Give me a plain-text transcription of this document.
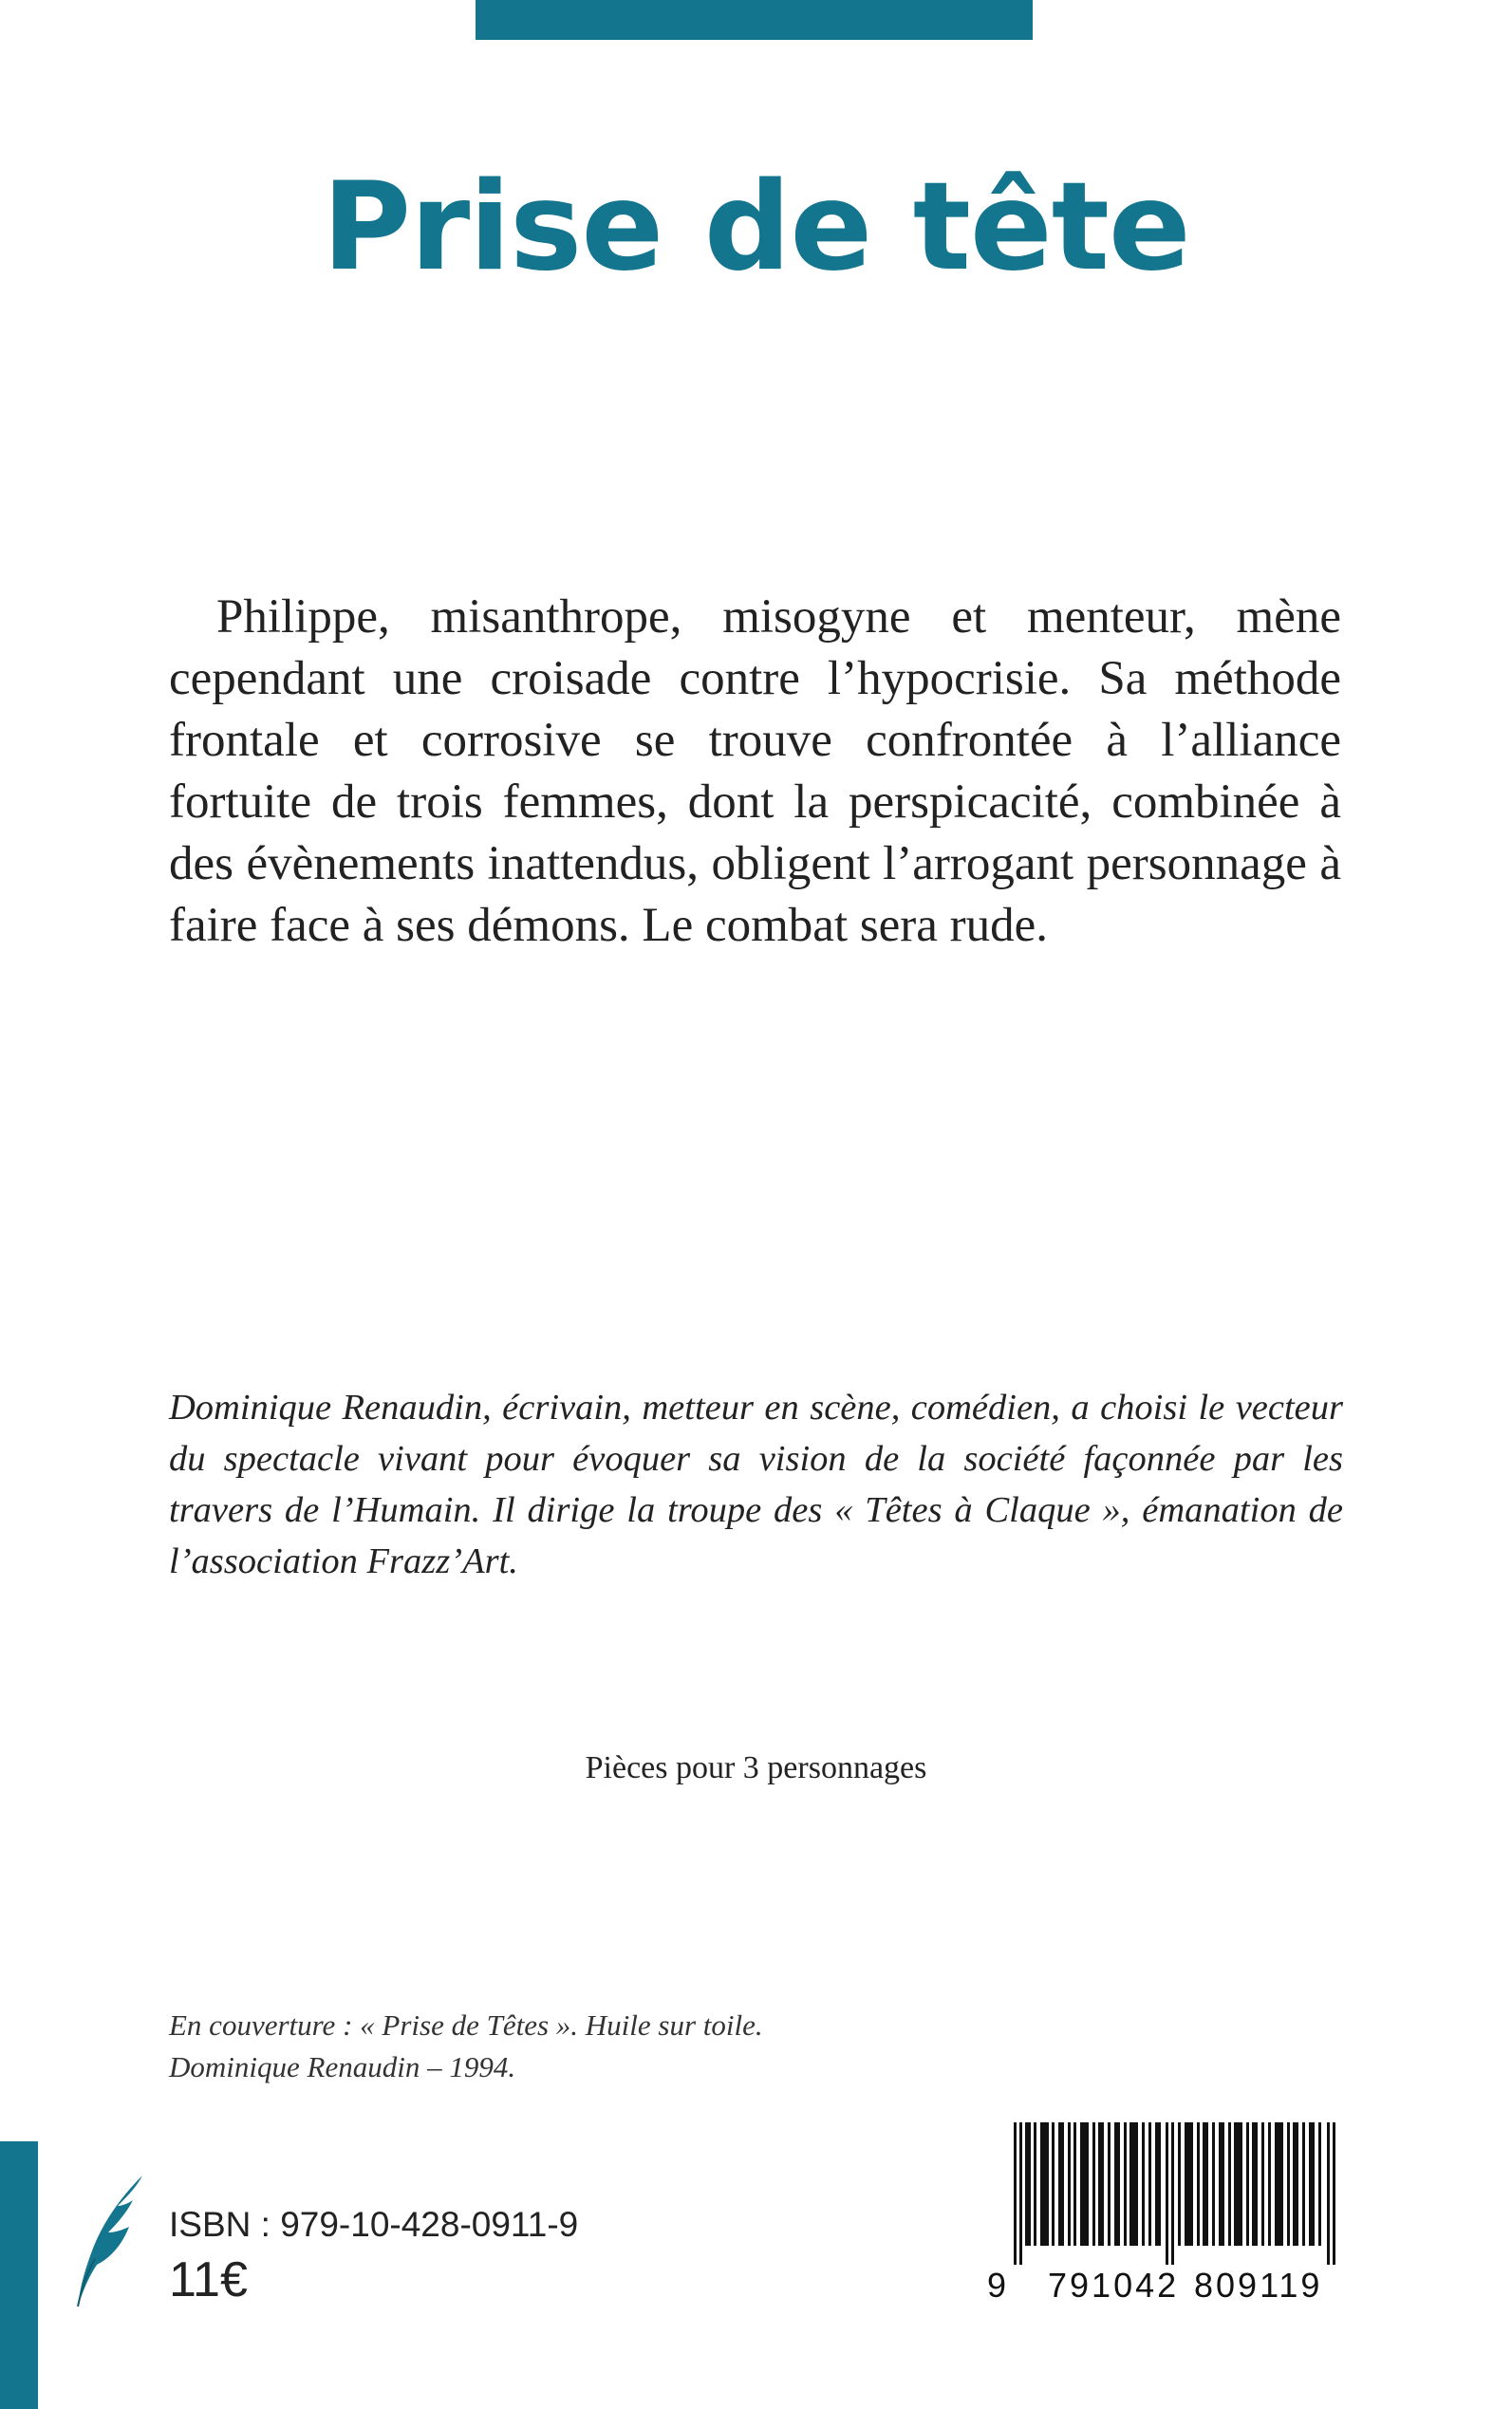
Prise de tête

Philippe, misanthrope, misogyne et menteur, mène cependant une croisade contre l’hypocrisie. Sa méthode frontale et corrosive se trouve confrontée à l’alliance fortuite de trois femmes, dont la perspicacité, combinée à des évènements inattendus, obligent l’arrogant personnage à faire face à ses démons. Le combat sera rude.

Dominique Renaudin, écrivain, metteur en scène, comédien, a choisi le vecteur du spectacle vivant pour évoquer sa vision de la société façonnée par les travers de l’Humain. Il dirige la troupe des « Têtes à Claque », émanation de l’association Frazz’Art.

Pièces pour 3 personnages

En couverture : « Prise de Têtes ». Huile sur toile.
Dominique Renaudin – 1994.
ISBN : 979-10-428-0911-9
11€	9 791042 809119
